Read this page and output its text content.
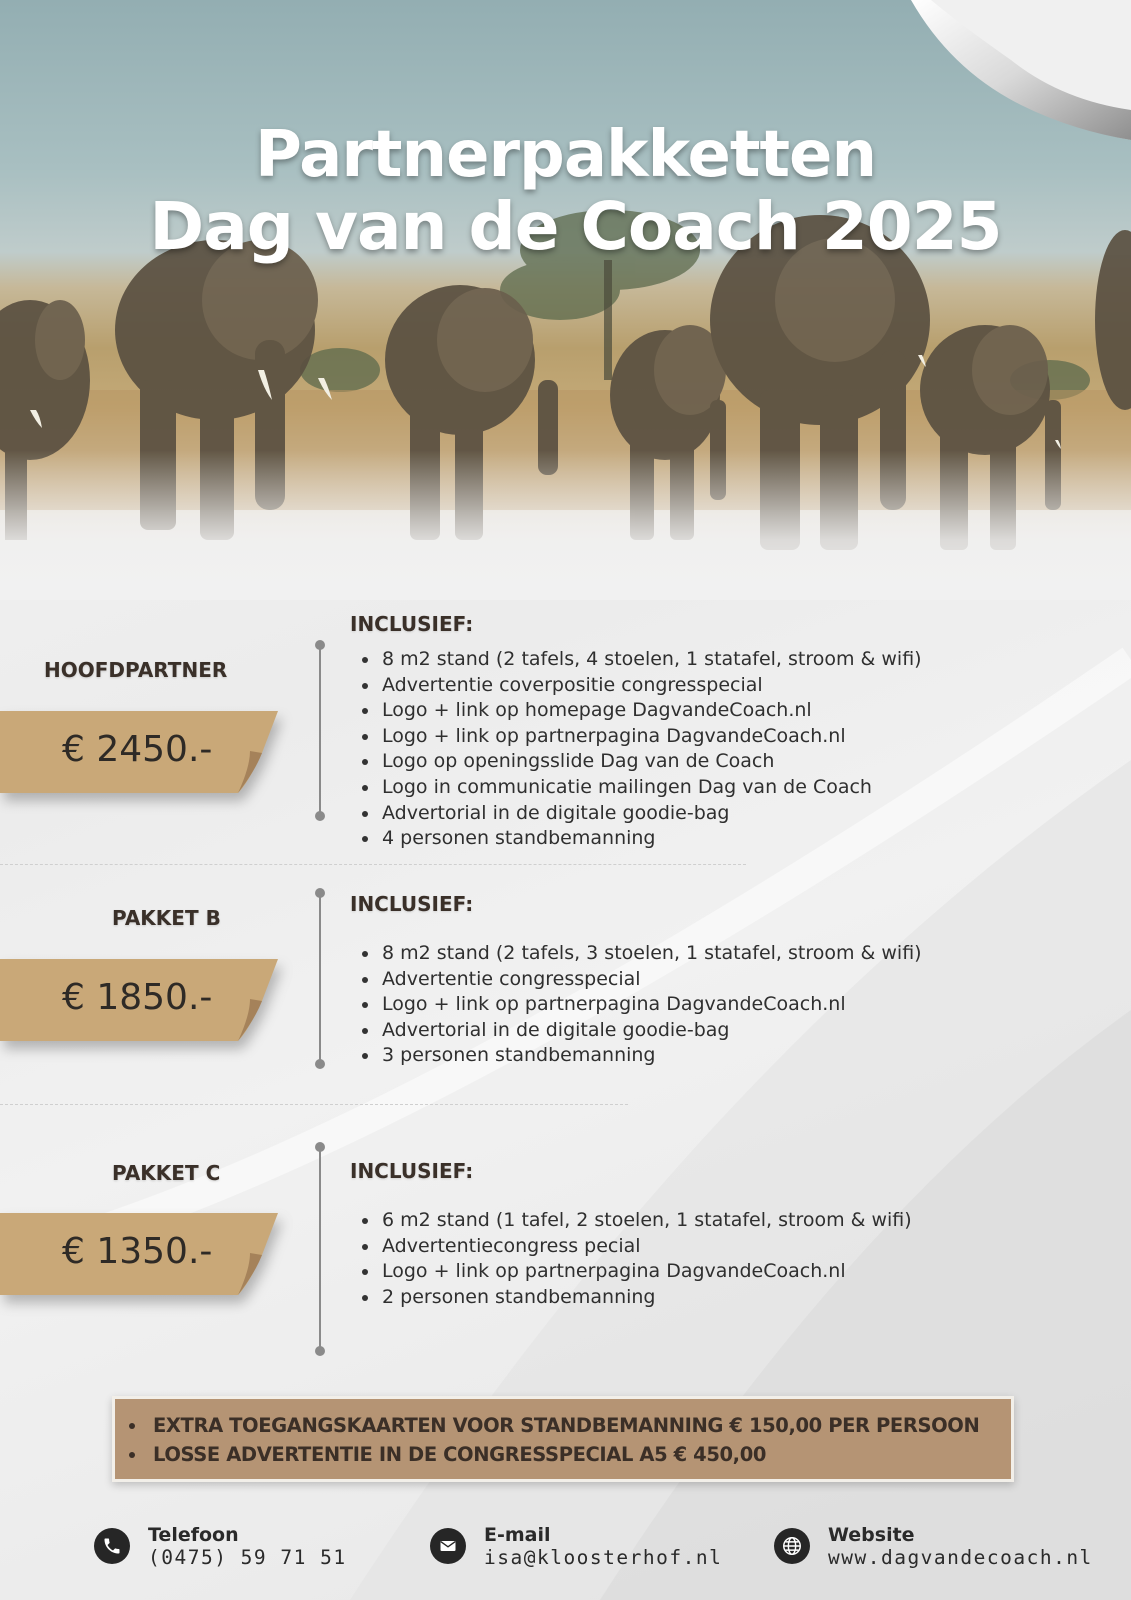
Partnerpakketten
Dag van de Coach 2025
HOOFDPARTNER
€ 2450.-
INCLUSIEF:
8 m2 stand (2 tafels, 4 stoelen, 1 statafel, stroom & wifi)
Advertentie coverpositie congresspecial
Logo + link op homepage DagvandeCoach.nl
Logo + link op partnerpagina DagvandeCoach.nl
Logo op openingsslide Dag van de Coach
Logo in communicatie mailingen Dag van de Coach
Advertorial in de digitale goodie-bag
4 personen standbemanning
PAKKET B
€ 1850.-
INCLUSIEF:
8 m2 stand (2 tafels, 3 stoelen, 1 statafel, stroom & wifi)
Advertentie congresspecial
Logo + link op partnerpagina DagvandeCoach.nl
Advertorial in de digitale goodie-bag
3 personen standbemanning
PAKKET C
€ 1350.-
INCLUSIEF:
6 m2 stand (1 tafel, 2 stoelen, 1 statafel, stroom & wifi)
Advertentiecongress pecial
Logo + link op partnerpagina DagvandeCoach.nl
2 personen standbemanning
EXTRA TOEGANGSKAARTEN VOOR STANDBEMANNING € 150,00 PER PERSOON
LOSSE ADVERTENTIE IN DE CONGRESSPECIAL A5 € 450,00
Telefoon
(0475) 59 71 51
E-mail
isa@kloosterhof.nl
Website
www.dagvandecoach.nl
